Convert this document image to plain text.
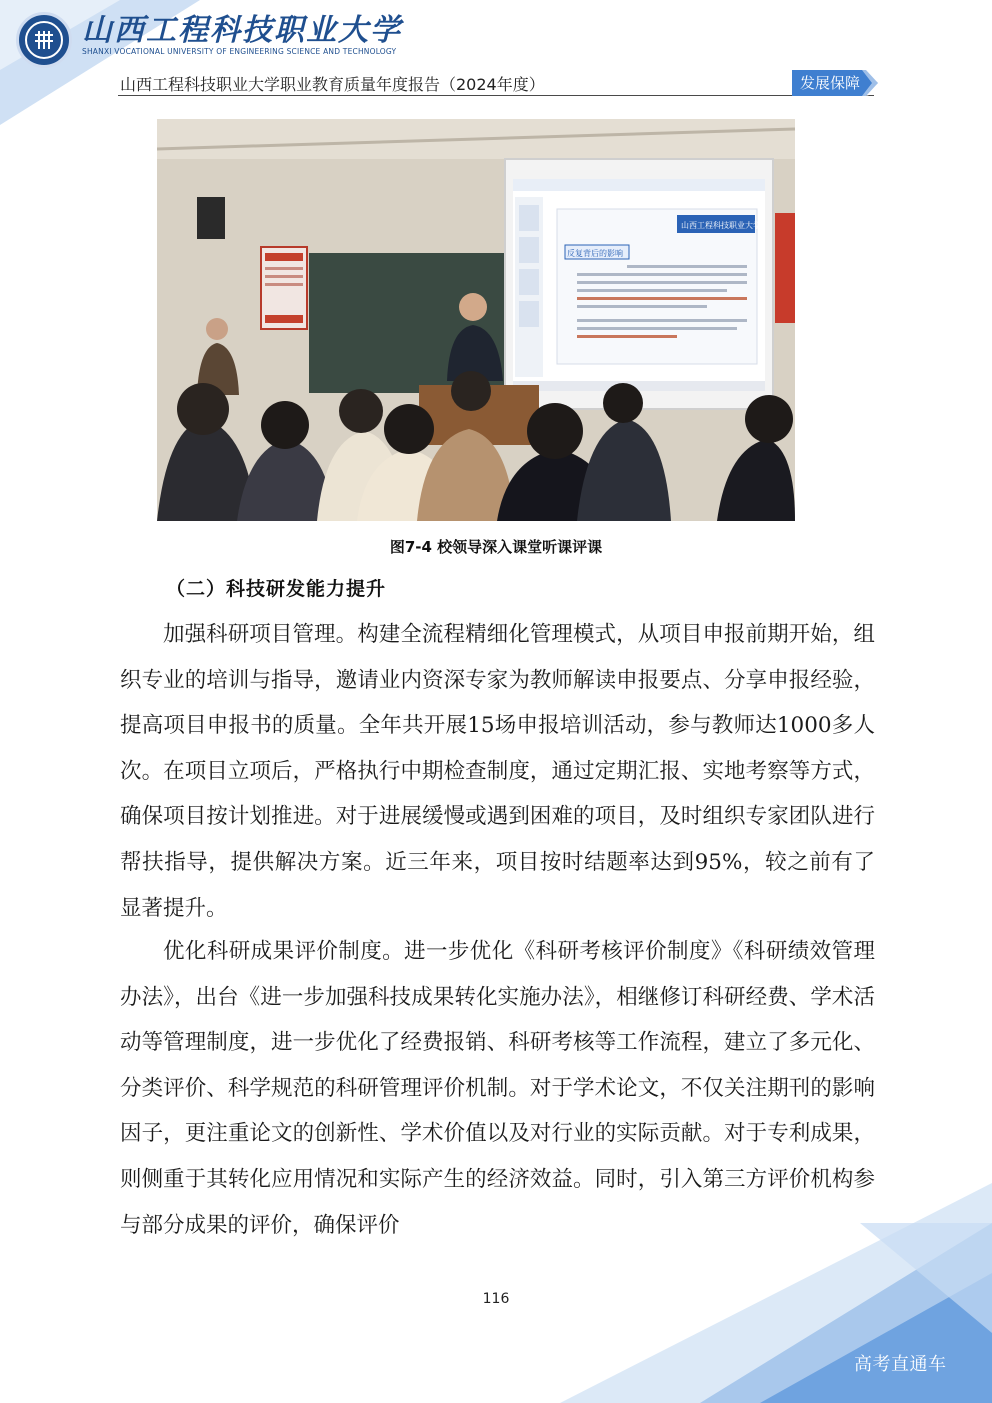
山西工程科技职业大学
SHANXI VOCATIONAL UNIVERSITY OF ENGINEERING SCIENCE AND TECHNOLOGY
山西工程科技职业大学职业教育质量年度报告（2024年度）	发展保障
山西工程科技职业大学
反复背后的影响
图7-4 校领导深入课堂听课评课
（二）科技研发能力提升

加强科研项目管理。构建全流程精细化管理模式，从项目申报前期开始，组织专业的培训与指导，邀请业内资深专家为教师解读申报要点、分享申报经验，提高项目申报书的质量。全年共开展15场申报培训活动，参与教师达1000多人次。在项目立项后，严格执行中期检查制度，通过定期汇报、实地考察等方式，确保项目按计划推进。对于进展缓慢或遇到困难的项目，及时组织专家团队进行帮扶指导，提供解决方案。近三年来，项目按时结题率达到95%，较之前有了显著提升。

优化科研成果评价制度。进一步优化《科研考核评价制度》《科研绩效管理办法》，出台《进一步加强科技成果转化实施办法》，相继修订科研经费、学术活动等管理制度，进一步优化了经费报销、科研考核等工作流程，建立了多元化、分类评价、科学规范的科研管理评价机制。对于学术论文，不仅关注期刊的影响因子，更注重论文的创新性、学术价值以及对行业的实际贡献。对于专利成果，则侧重于其转化应用情况和实际产生的经济效益。同时，引入第三方评价机构参与部分成果的评价，确保评价

116
高考直通车
